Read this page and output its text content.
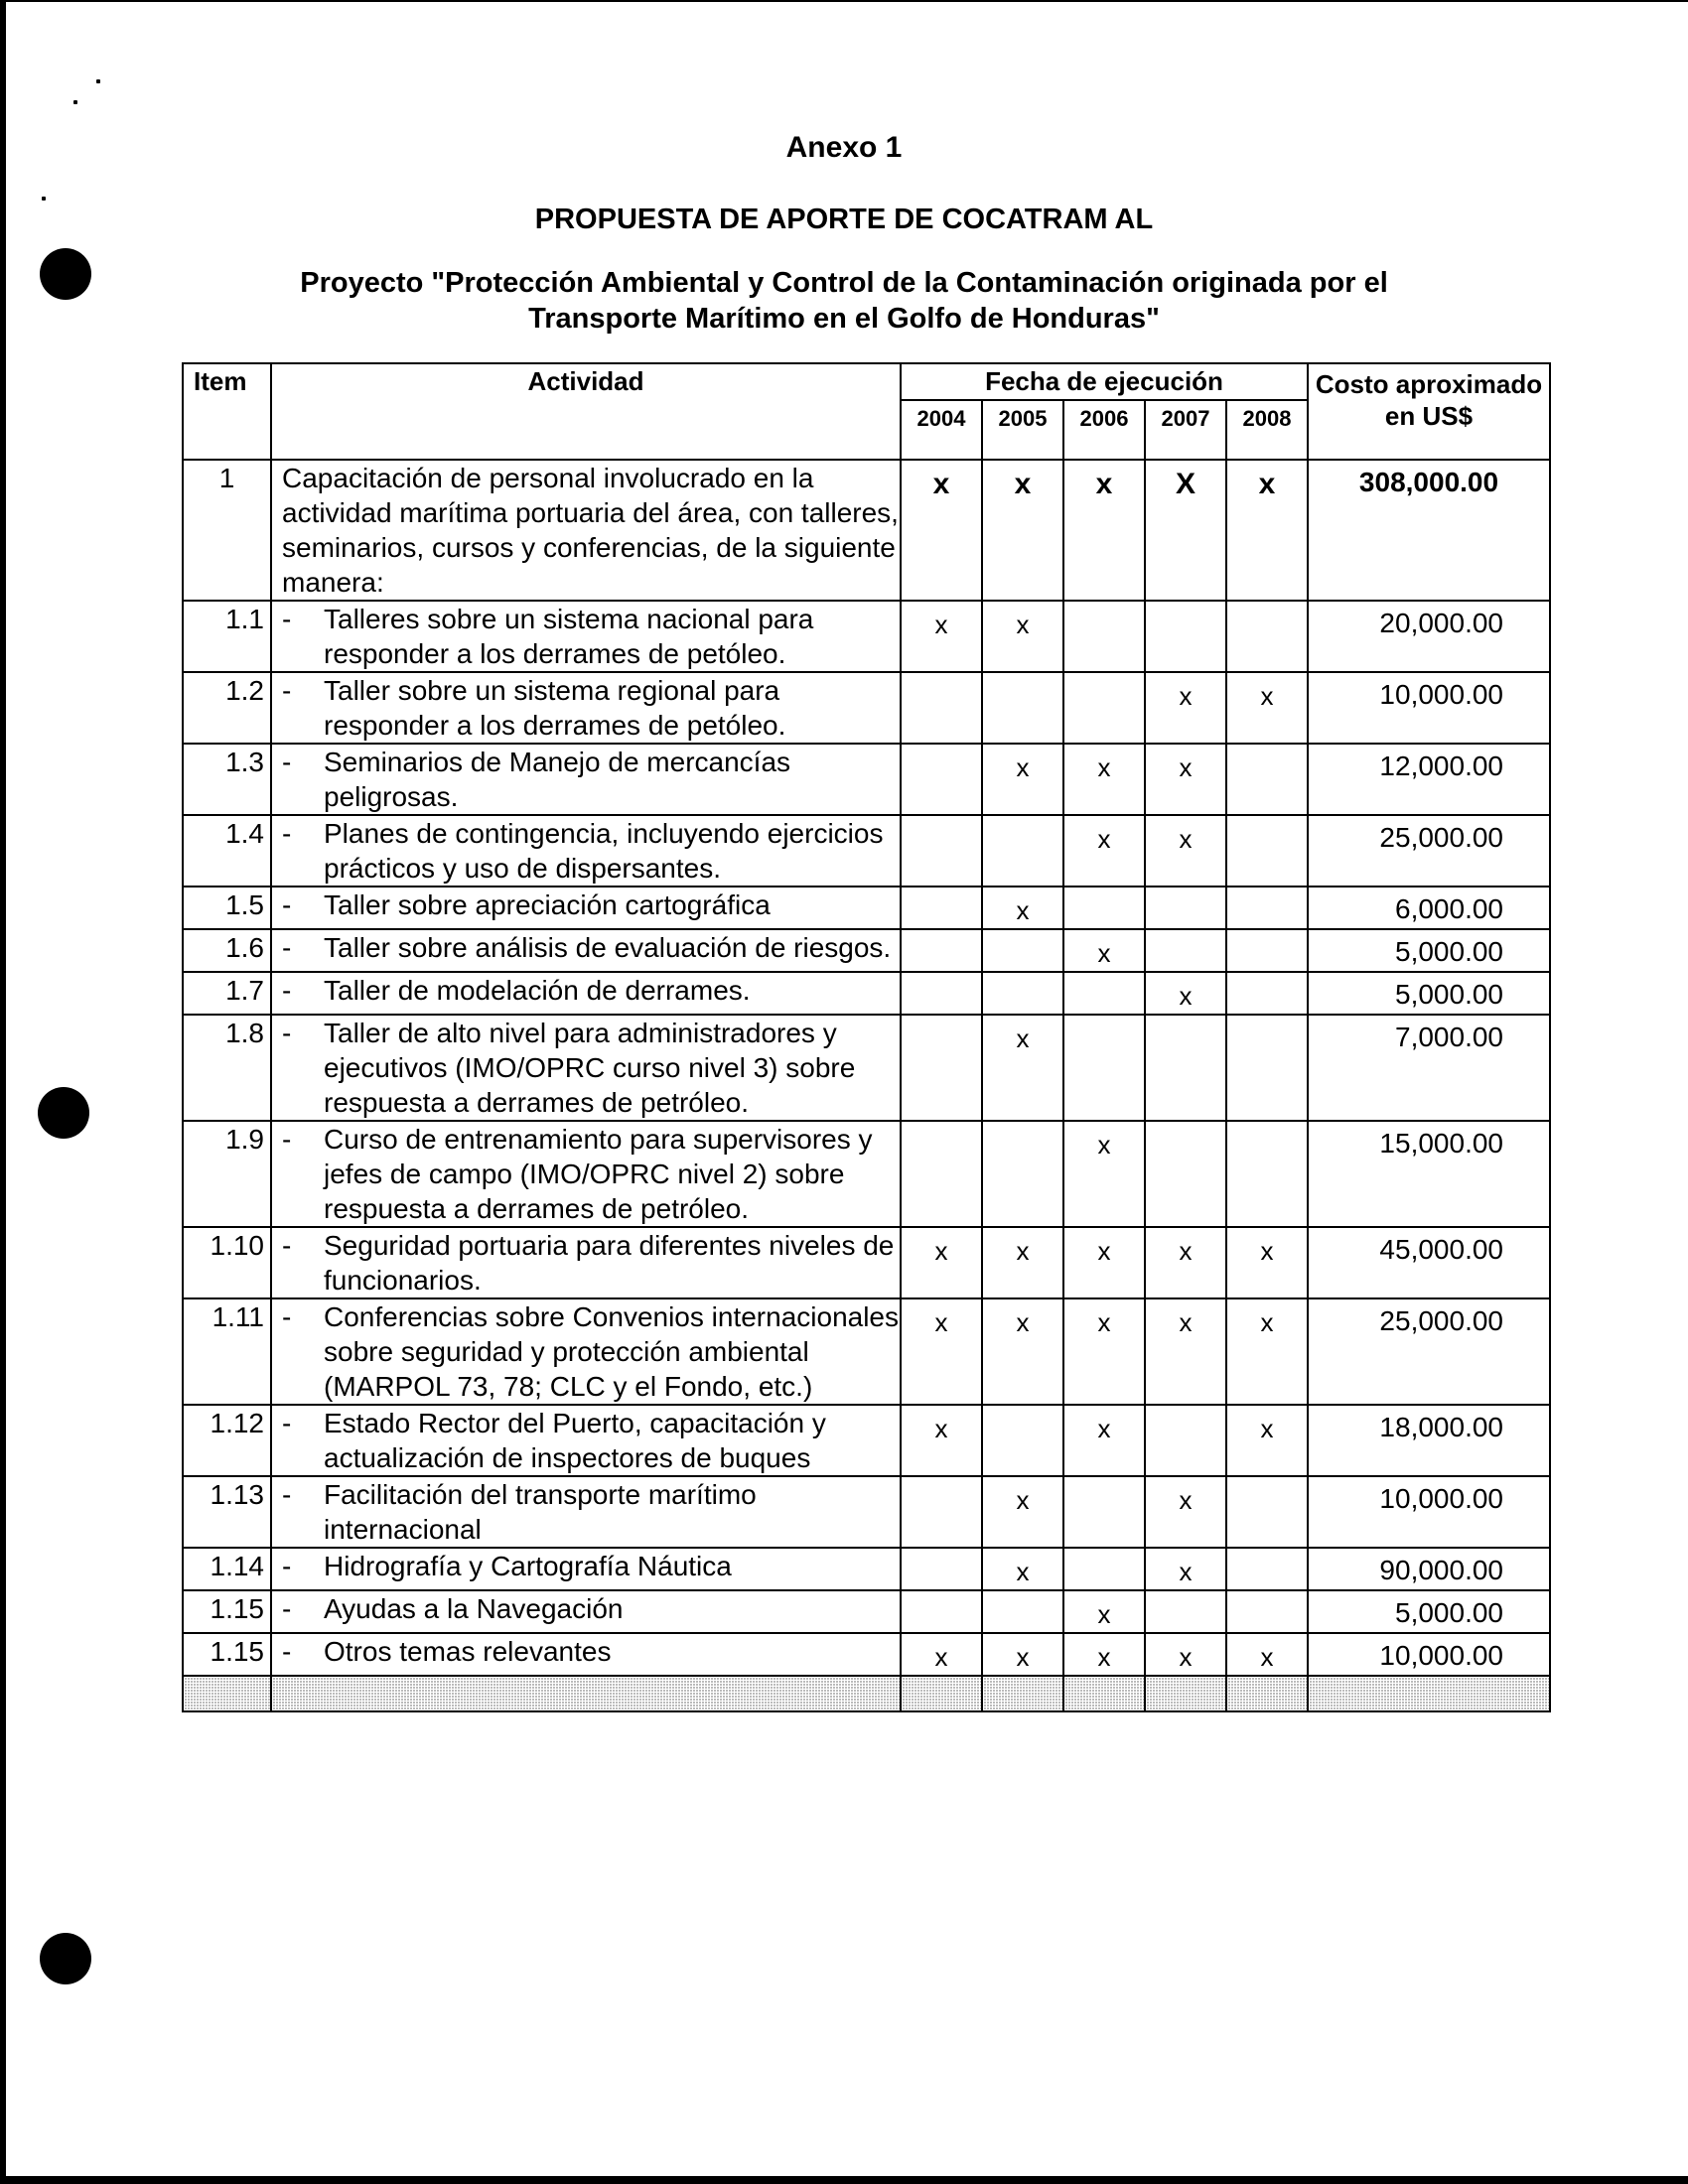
Anexo 1
PROPUESTA DE APORTE DE COCATRAM AL
Proyecto "Protección Ambiental y Control de la Contaminación originada por el
Transporte Marítimo en el Golfo de Honduras"
Item	Actividad	Fecha de ejecución					Costo aproximado en US$
		2004	2005	2006	2007	2008	
1	Capacitación de personal involucrado en la actividad marítima portuaria del área, con talleres, seminarios, cursos y conferencias, de la siguiente manera:	x	x	x	X	x	308,000.00
1.1	- Talleres sobre un sistema nacional para responder a los derrames de petóleo.	x	x				20,000.00
1.2	- Taller sobre un sistema regional para responder a los derrames de petóleo.				x	x	10,000.00
1.3	- Seminarios de Manejo de mercancías peligrosas.		x	x	x		12,000.00
1.4	- Planes de contingencia, incluyendo ejercicios prácticos y uso de dispersantes.			x	x		25,000.00
1.5	- Taller sobre apreciación cartográfica		x				6,000.00
1.6	- Taller sobre análisis de evaluación de riesgos.			x			5,000.00
1.7	- Taller de modelación de derrames.				x		5,000.00
1.8	- Taller de alto nivel para administradores y ejecutivos (IMO/OPRC curso nivel 3) sobre respuesta a derrames de petróleo.		x				7,000.00
1.9	- Curso de entrenamiento para supervisores y jefes de campo (IMO/OPRC nivel 2) sobre respuesta a derrames de petróleo.			x			15,000.00
1.10	- Seguridad portuaria para diferentes niveles de funcionarios.	x	x	x	x	x	45,000.00
1.11	- Conferencias sobre Convenios internacionales sobre seguridad y protección ambiental (MARPOL 73, 78; CLC y el Fondo, etc.)	x	x	x	x	x	25,000.00
1.12	- Estado Rector del Puerto, capacitación y actualización de inspectores de buques	x		x		x	18,000.00
1.13	- Facilitación del transporte marítimo internacional		x		x		10,000.00
1.14	- Hidrografía y Cartografía Náutica		x		x		90,000.00
1.15	- Ayudas a la Navegación			x			5,000.00
1.15	- Otros temas relevantes	x	x	x	x	x	10,000.00
